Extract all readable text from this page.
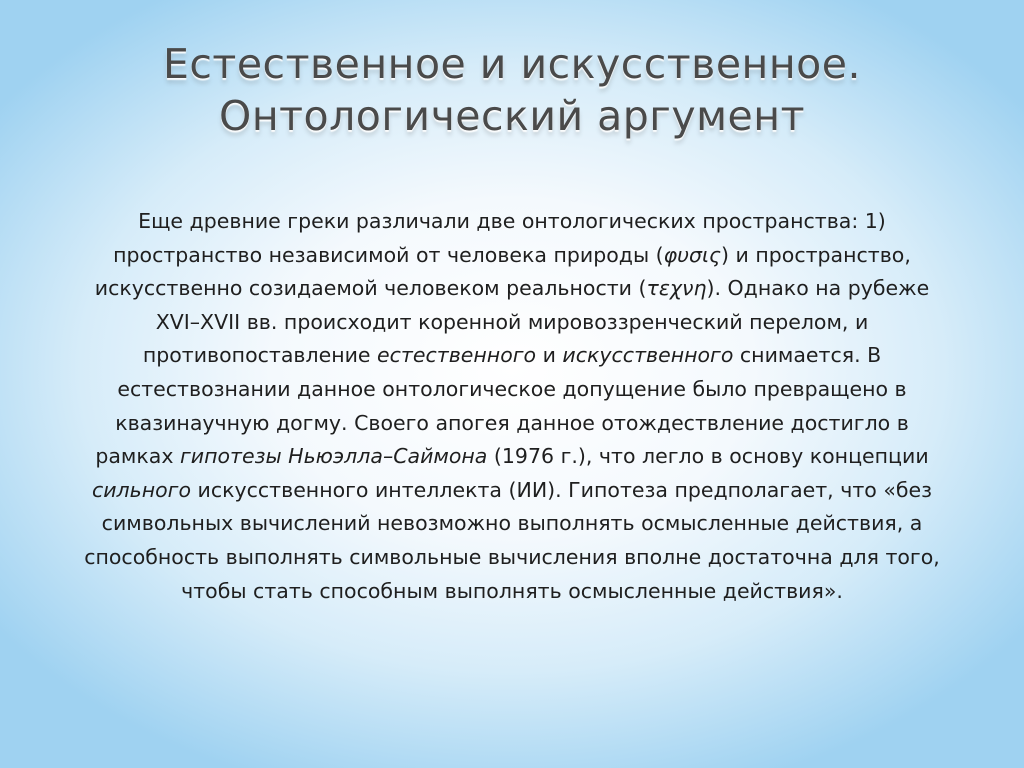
Естественное и искусственное.
Онтологический аргумент

Еще древние греки различали две онтологических пространства: 1) пространство независимой от человека природы (φυσις) и пространство, искусственно созидаемой человеком реальности (τεχνη). Однако на рубеже XVI–XVII вв. происходит коренной мировоззренческий перелом, и противопоставление естественного и искусственного снимается. В естествознании данное онтологическое допущение было превращено в квазинаучную догму. Своего апогея данное отождествление достигло в рамках гипотезы Ньюэлла–Саймона (1976 г.), что легло в основу концепции сильного искусственного интеллекта (ИИ). Гипотеза предполагает, что «без символьных вычислений невозможно выполнять осмысленные действия, а способность выполнять символьные вычисления вполне достаточна для того, чтобы стать способным выполнять осмысленные действия».
